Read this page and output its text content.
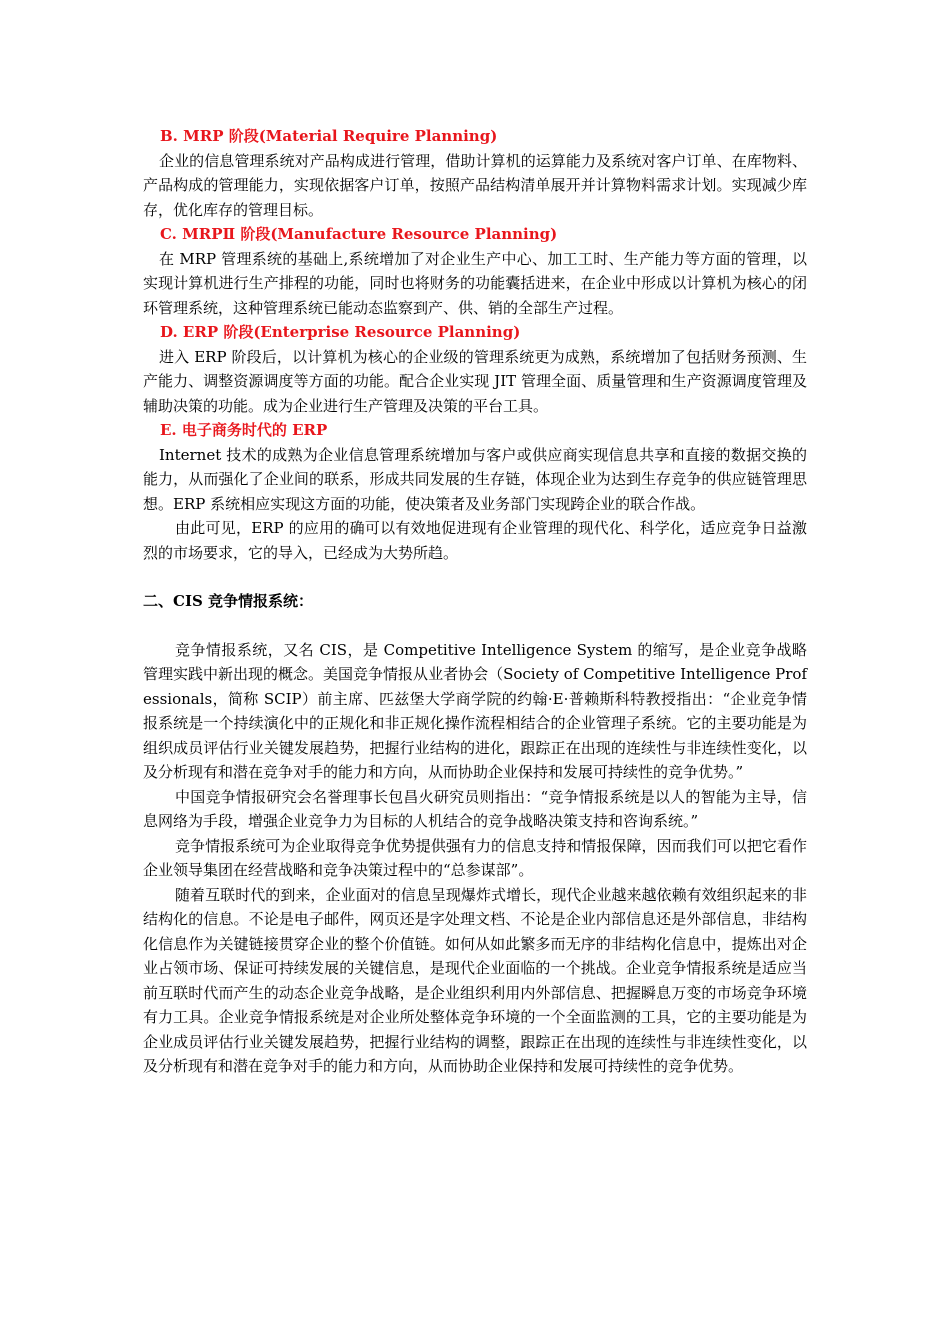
B. MRP 阶段(Material Require Planning)

企业的信息管理系统对产品构成进行管理，借助计算机的运算能力及系统对客户订单、在库物料、产品构成的管理能力，实现依据客户订单，按照产品结构清单展开并计算物料需求计划。实现减少库存，优化库存的管理目标。

C. MRPⅡ 阶段(Manufacture Resource Planning)

在 MRP 管理系统的基础上,系统增加了对企业生产中心、加工工时、生产能力等方面的管理，以实现计算机进行生产排程的功能，同时也将财务的功能囊括进来，在企业中形成以计算机为核心的闭环管理系统，这种管理系统已能动态监察到产、供、销的全部生产过程。

D. ERP 阶段(Enterprise Resource Planning)

进入 ERP 阶段后，以计算机为核心的企业级的管理系统更为成熟，系统增加了包括财务预测、生产能力、调整资源调度等方面的功能。配合企业实现 JIT 管理全面、质量管理和生产资源调度管理及辅助决策的功能。成为企业进行生产管理及决策的平台工具。

E. 电子商务时代的 ERP

Internet 技术的成熟为企业信息管理系统增加与客户或供应商实现信息共享和直接的数据交换的能力，从而强化了企业间的联系，形成共同发展的生存链，体现企业为达到生存竞争的供应链管理思想。ERP 系统相应实现这方面的功能，使决策者及业务部门实现跨企业的联合作战。

由此可见，ERP 的应用的确可以有效地促进现有企业管理的现代化、科学化，适应竞争日益激烈的市场要求，它的导入，已经成为大势所趋。

二、CIS 竞争情报系统：

竞争情报系统，又名 CIS，是 Competitive Intelligence System 的缩写，是企业竞争战略管理实践中新出现的概念。美国竞争情报从业者协会（Society of Competitive Intelligence Professionals，简称 SCIP）前主席、匹兹堡大学商学院的约翰·E·普赖斯科特教授指出：“企业竞争情报系统是一个持续演化中的正规化和非正规化操作流程相结合的企业管理子系统。它的主要功能是为组织成员评估行业关键发展趋势，把握行业结构的进化，跟踪正在出现的连续性与非连续性变化，以及分析现有和潜在竞争对手的能力和方向，从而协助企业保持和发展可持续性的竞争优势。”

中国竞争情报研究会名誉理事长包昌火研究员则指出：“竞争情报系统是以人的智能为主导，信息网络为手段，增强企业竞争力为目标的人机结合的竞争战略决策支持和咨询系统。”

竞争情报系统可为企业取得竞争优势提供强有力的信息支持和情报保障，因而我们可以把它看作企业领导集团在经营战略和竞争决策过程中的“总参谋部”。

随着互联时代的到来，企业面对的信息呈现爆炸式增长，现代企业越来越依赖有效组织起来的非结构化的信息。不论是电子邮件，网页还是字处理文档、不论是企业内部信息还是外部信息，非结构化信息作为关键链接贯穿企业的整个价值链。如何从如此繁多而无序的非结构化信息中，提炼出对企业占领市场、保证可持续发展的关键信息，是现代企业面临的一个挑战。企业竞争情报系统是适应当前互联时代而产生的动态企业竞争战略，是企业组织利用内外部信息、把握瞬息万变的市场竞争环境有力工具。企业竞争情报系统是对企业所处整体竞争环境的一个全面监测的工具，它的主要功能是为企业成员评估行业关键发展趋势，把握行业结构的调整，跟踪正在出现的连续性与非连续性变化，以及分析现有和潜在竞争对手的能力和方向，从而协助企业保持和发展可持续性的竞争优势。
